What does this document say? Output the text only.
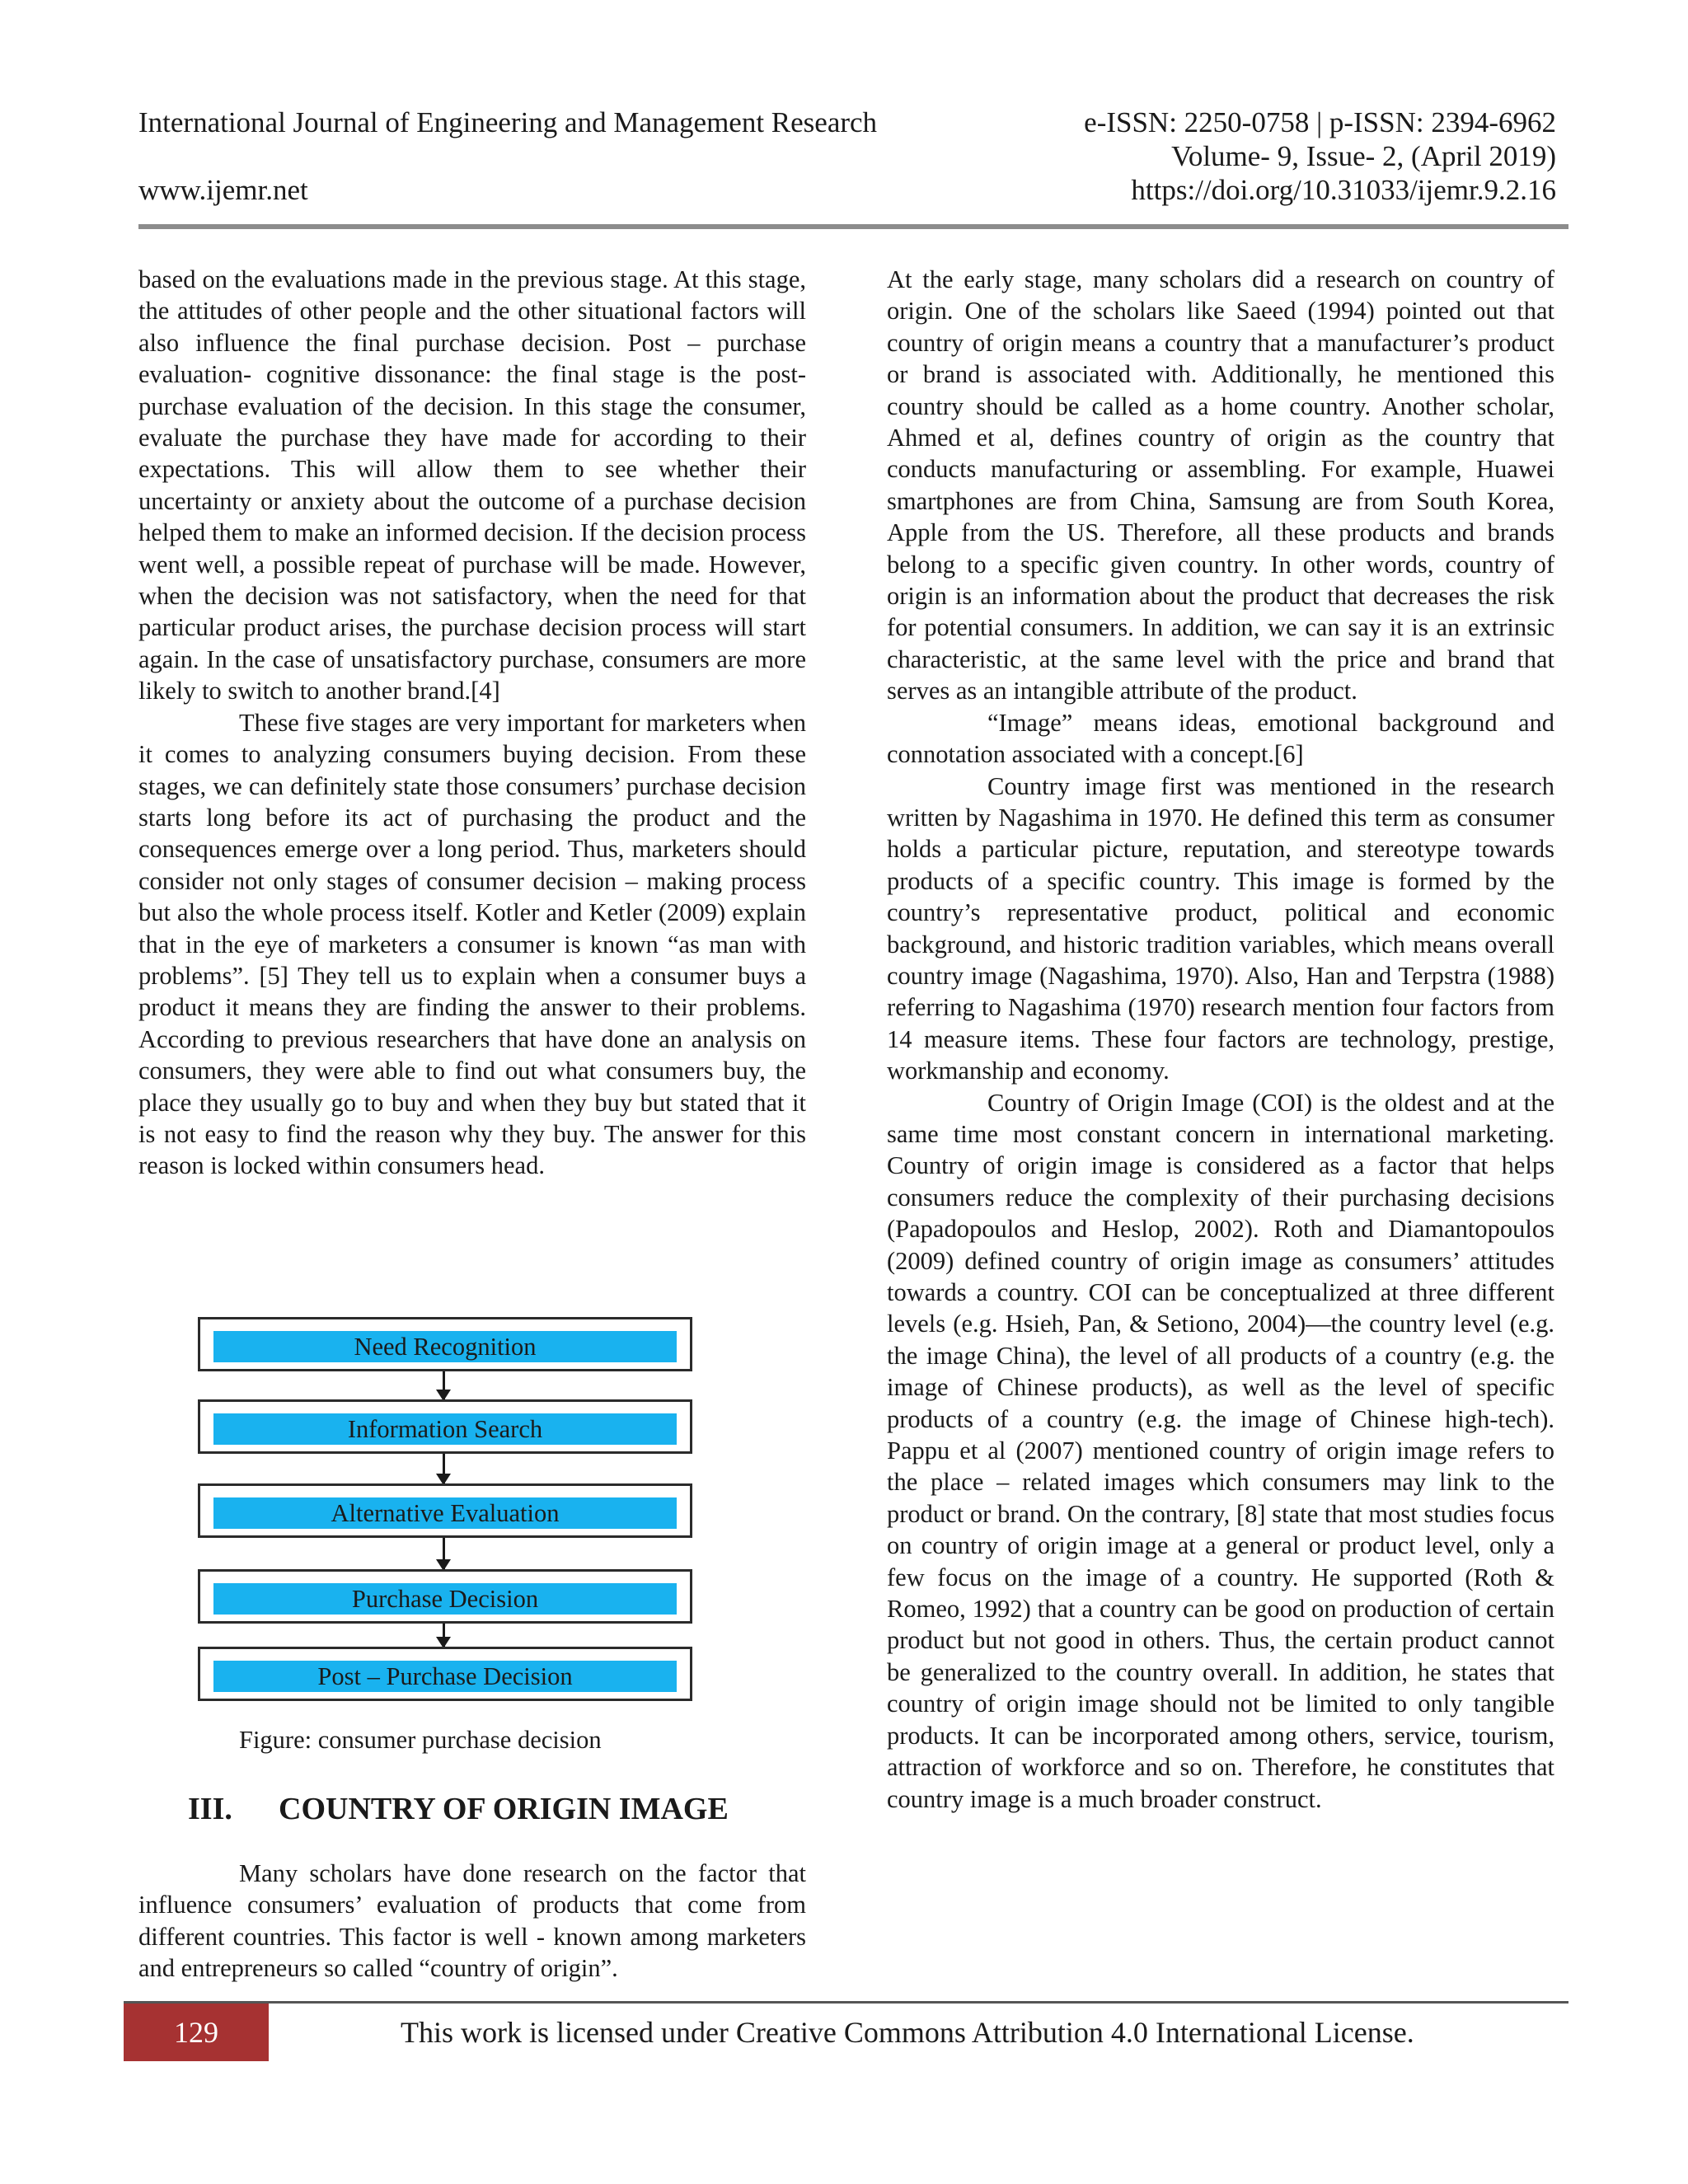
International Journal of Engineering and Management Research	e-ISSN: 2250-0758 | p-ISSN: 2394-6962
Volume- 9, Issue- 2, (April 2019)
www.ijemr.net	https://doi.org/10.31033/ijemr.9.2.16

based on the evaluations made in the previous stage. At this stage, the attitudes of other people and the other situational factors will also influence the final purchase decision. Post – purchase evaluation- cognitive dissonance: the final stage is the post-purchase evaluation of the decision. In this stage the consumer, evaluate the purchase they have made for according to their expectations. This will allow them to see whether their uncertainty or anxiety about the outcome of a purchase decision helped them to make an informed decision. If the decision process went well, a possible repeat of purchase will be made. However, when the decision was not satisfactory, when the need for that particular product arises, the purchase decision process will start again. In the case of unsatisfactory purchase, consumers are more likely to switch to another brand.[4]

These five stages are very important for marketers when it comes to analyzing consumers buying decision. From these stages, we can definitely state those consumers’ purchase decision starts long before its act of purchasing the product and the consequences emerge over a long period. Thus, marketers should consider not only stages of consumer decision – making process but also the whole process itself. Kotler and Ketler (2009) explain that in the eye of marketers a consumer is known “as man with problems”. [5] They tell us to explain when a consumer buys a product it means they are finding the answer to their problems. According to previous researchers that have done an analysis on consumers, they were able to find out what consumers buy, the place they usually go to buy and when they buy but stated that it is not easy to find the reason why they buy. The answer for this reason is locked within consumers head.

Need Recognition
Information Search
Alternative Evaluation
Purchase Decision
Post – Purchase Decision
Figure: consumer purchase decision
III. COUNTRY OF ORIGIN IMAGE

Many scholars have done research on the factor that influence consumers’ evaluation of products that come from different countries. This factor is well - known among marketers and entrepreneurs so called “country of origin”.

At the early stage, many scholars did a research on country of origin. One of the scholars like Saeed (1994) pointed out that country of origin means a country that a manufacturer’s product or brand is associated with. Additionally, he mentioned this country should be called as a home country. Another scholar, Ahmed et al, defines country of origin as the country that conducts manufacturing or assembling. For example, Huawei smartphones are from China, Samsung are from South Korea, Apple from the US. Therefore, all these products and brands belong to a specific given country. In other words, country of origin is an information about the product that decreases the risk for potential consumers. In addition, we can say it is an extrinsic characteristic, at the same level with the price and brand that serves as an intangible attribute of the product.

“Image” means ideas, emotional background and connotation associated with a concept.[6]

Country image first was mentioned in the research written by Nagashima in 1970. He defined this term as consumer holds a particular picture, reputation, and stereotype towards products of a specific country. This image is formed by the country’s representative product, political and economic background, and historic tradition variables, which means overall country image (Nagashima, 1970). Also, Han and Terpstra (1988) referring to Nagashima (1970) research mention four factors from 14 measure items. These four factors are technology, prestige, workmanship and economy.

Country of Origin Image (COI) is the oldest and at the same time most constant concern in international marketing. Country of origin image is considered as a factor that helps consumers reduce the complexity of their purchasing decisions (Papadopoulos and Heslop, 2002). Roth and Diamantopoulos (2009) defined country of origin image as consumers’ attitudes towards a country. COI can be conceptualized at three different levels (e.g. Hsieh, Pan, & Setiono, 2004)—the country level (e.g. the image China), the level of all products of a country (e.g. the image of Chinese products), as well as the level of specific products of a country (e.g. the image of Chinese high-tech). Pappu et al (2007) mentioned country of origin image refers to the place – related images which consumers may link to the product or brand. On the contrary, [8] state that most studies focus on country of origin image at a general or product level, only a few focus on the image of a country. He supported (Roth & Romeo, 1992) that a country can be good on production of certain product but not good in others. Thus, the certain product cannot be generalized to the country overall. In addition, he states that country of origin image should not be limited to only tangible products. It can be incorporated among others, service, tourism, attraction of workforce and so on. Therefore, he constitutes that country image is a much broader construct.

129	This work is licensed under Creative Commons Attribution 4.0 International License.
